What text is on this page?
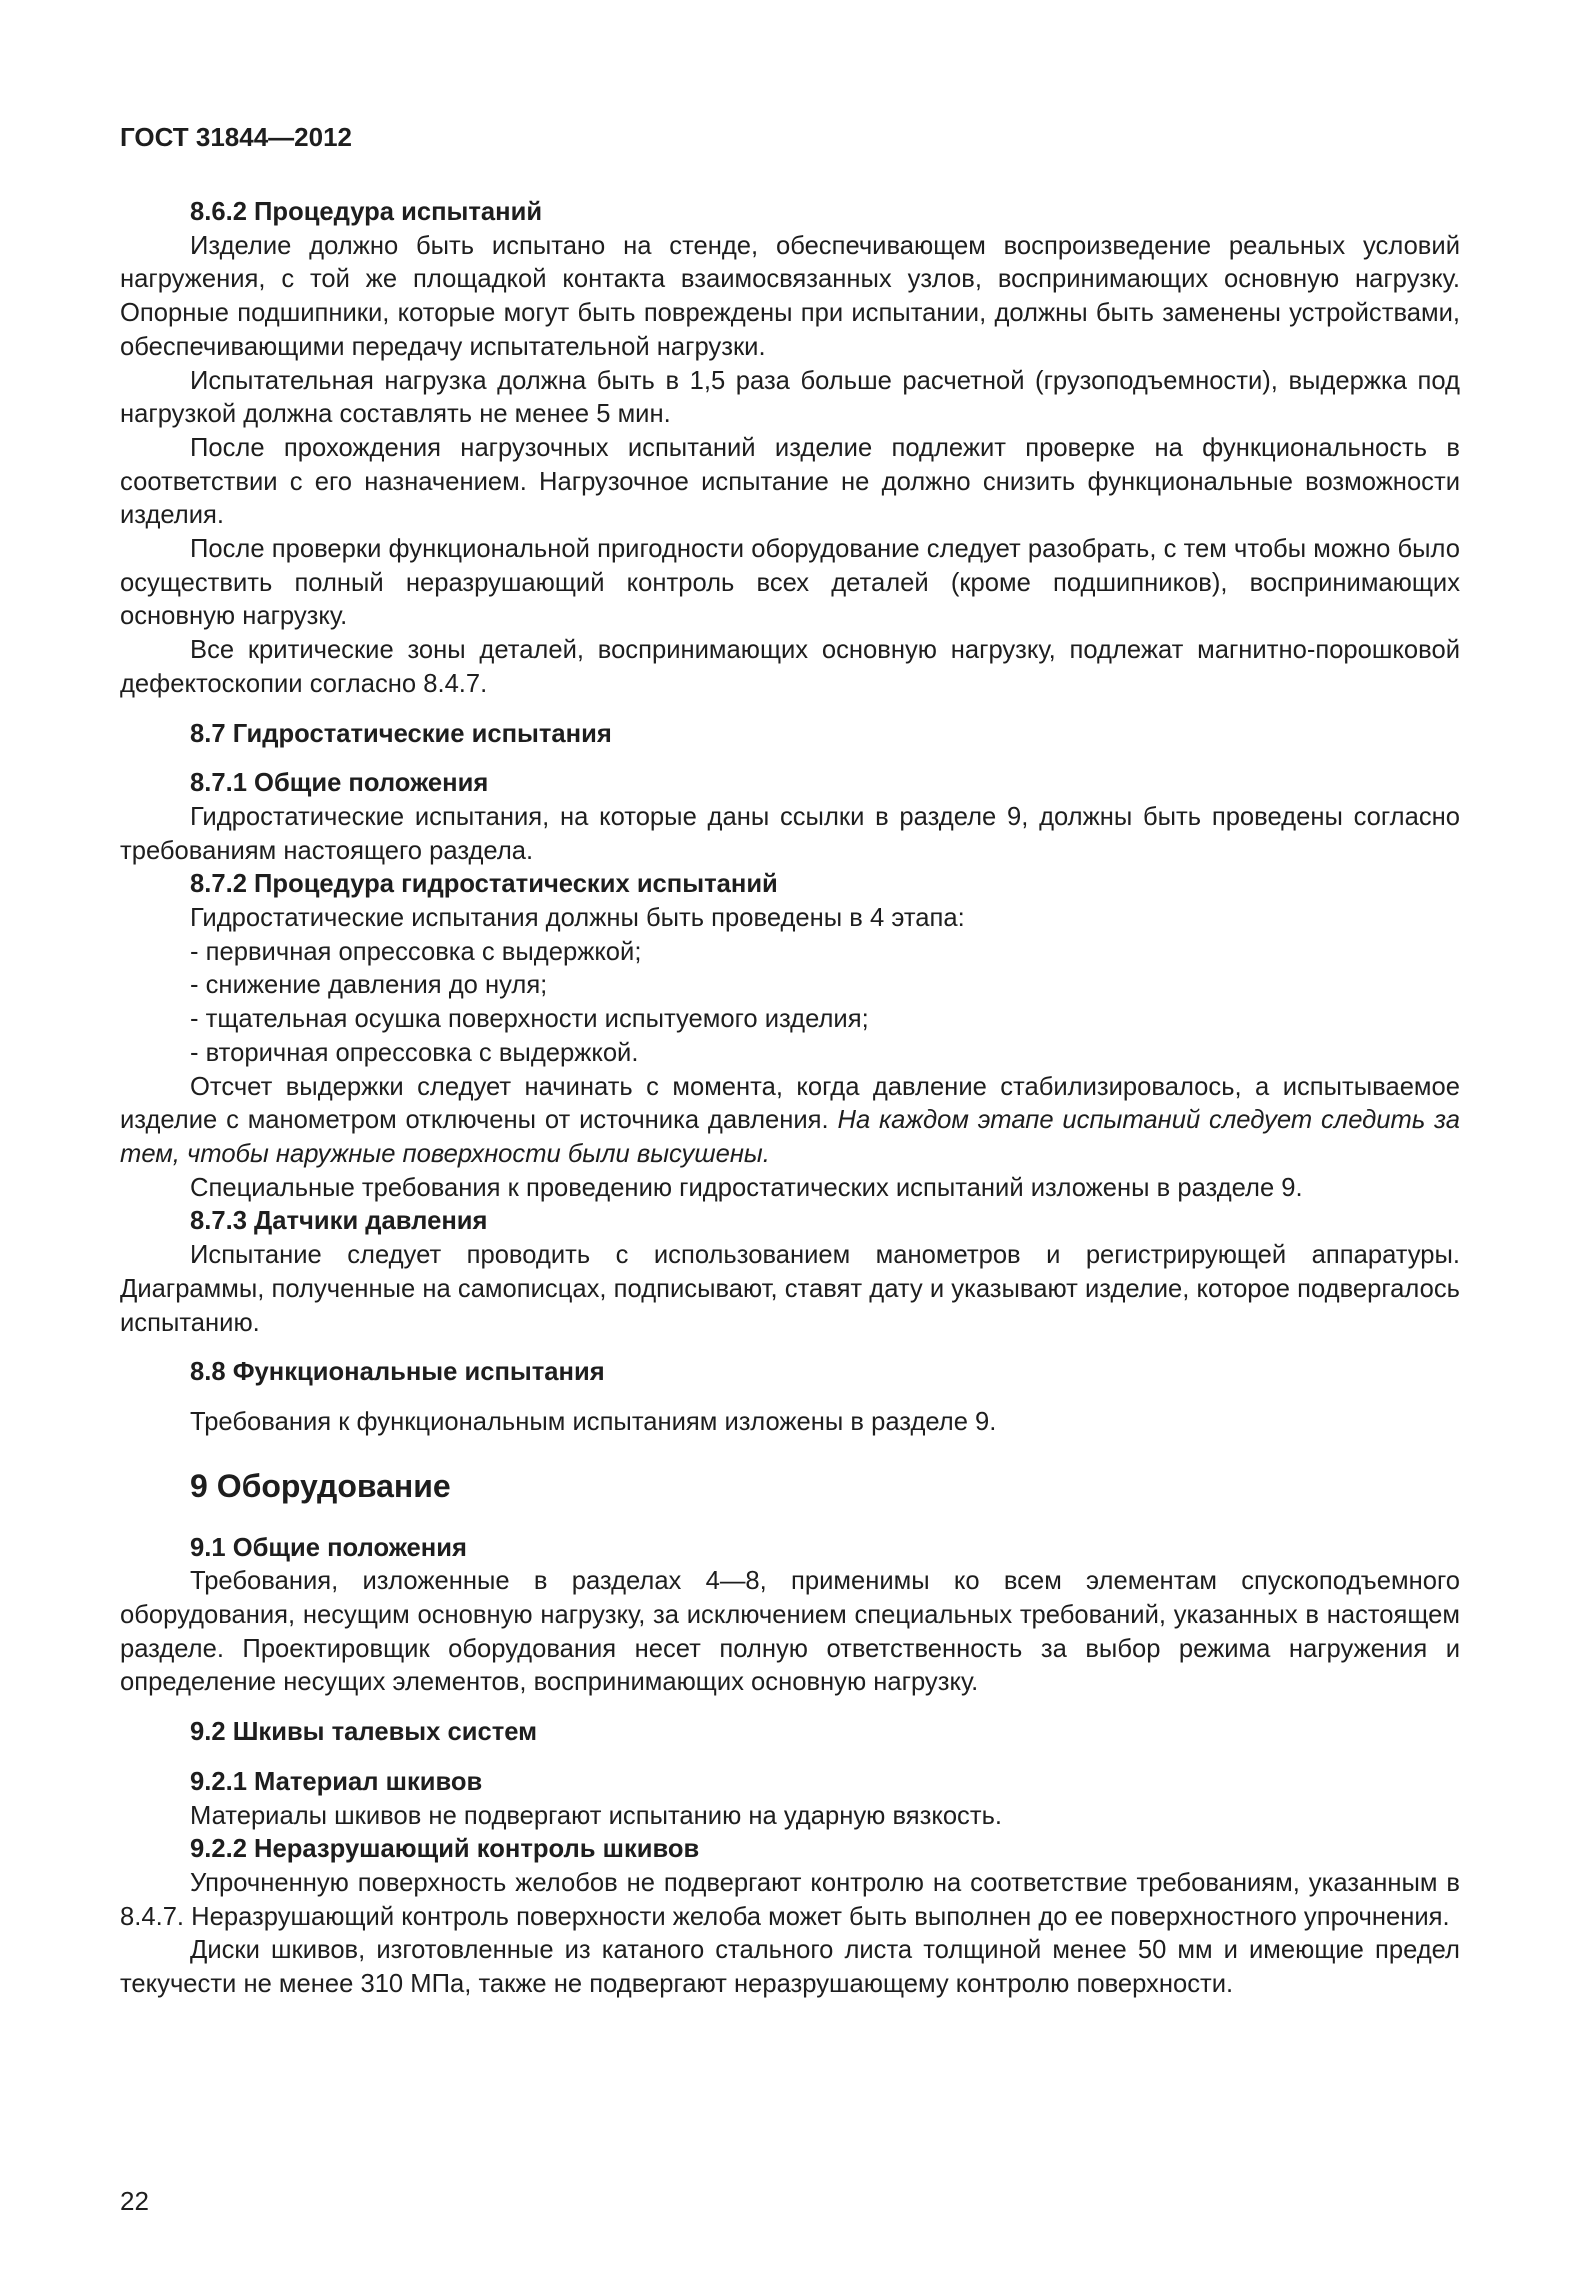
ГОСТ 31844—2012

8.6.2 Процедура испытаний

Изделие должно быть испытано на стенде, обеспечивающем воспроизведение реальных условий нагружения, с той же площадкой контакта взаимосвязанных узлов, воспринимающих основную нагрузку. Опорные подшипники, которые могут быть повреждены при испытании, должны быть заменены устройствами, обеспечивающими передачу испытательной нагрузки.

Испытательная нагрузка должна быть в 1,5 раза больше расчетной (грузоподъемности), выдержка под нагрузкой должна составлять не менее 5 мин.

После прохождения нагрузочных испытаний изделие подлежит проверке на функциональность в соответствии с его назначением. Нагрузочное испытание не должно снизить функциональные возможности изделия.

После проверки функциональной пригодности оборудование следует разобрать, с тем чтобы можно было осуществить полный неразрушающий контроль всех деталей (кроме подшипников), воспринимающих основную нагрузку.

Все критические зоны деталей, воспринимающих основную нагрузку, подлежат магнитно-порошковой дефектоскопии согласно 8.4.7.

8.7 Гидростатические испытания

8.7.1 Общие положения

Гидростатические испытания, на которые даны ссылки в разделе 9, должны быть проведены согласно требованиям настоящего раздела.

8.7.2 Процедура гидростатических испытаний

Гидростатические испытания должны быть проведены в 4 этапа:

- первичная опрессовка с выдержкой;

- снижение давления до нуля;

- тщательная осушка поверхности испытуемого изделия;

- вторичная опрессовка с выдержкой.

Отсчет выдержки следует начинать с момента, когда давление стабилизировалось, а испытываемое изделие с манометром отключены от источника давления. На каждом этапе испытаний следует следить за тем, чтобы наружные поверхности были высушены.

Специальные требования к проведению гидростатических испытаний изложены в разделе 9.

8.7.3 Датчики давления

Испытание следует проводить с использованием манометров и регистрирующей аппаратуры. Диаграммы, полученные на самописцах, подписывают, ставят дату и указывают изделие, которое подвергалось испытанию.

8.8 Функциональные испытания

Требования к функциональным испытаниям изложены в разделе 9.

9 Оборудование

9.1 Общие положения

Требования, изложенные в разделах 4—8, применимы ко всем элементам спускоподъемного оборудования, несущим основную нагрузку, за исключением специальных требований, указанных в настоящем разделе. Проектировщик оборудования несет полную ответственность за выбор режима нагружения и определение несущих элементов, воспринимающих основную нагрузку.

9.2 Шкивы талевых систем

9.2.1 Материал шкивов

Материалы шкивов не подвергают испытанию на ударную вязкость.

9.2.2 Неразрушающий контроль шкивов

Упрочненную поверхность желобов не подвергают контролю на соответствие требованиям, указанным в 8.4.7. Неразрушающий контроль поверхности желоба может быть выполнен до ее поверхностного упрочнения.

Диски шкивов, изготовленные из катаного стального листа толщиной менее 50 мм и имеющие предел текучести не менее 310 МПа, также не подвергают неразрушающему контролю поверхности.

22
